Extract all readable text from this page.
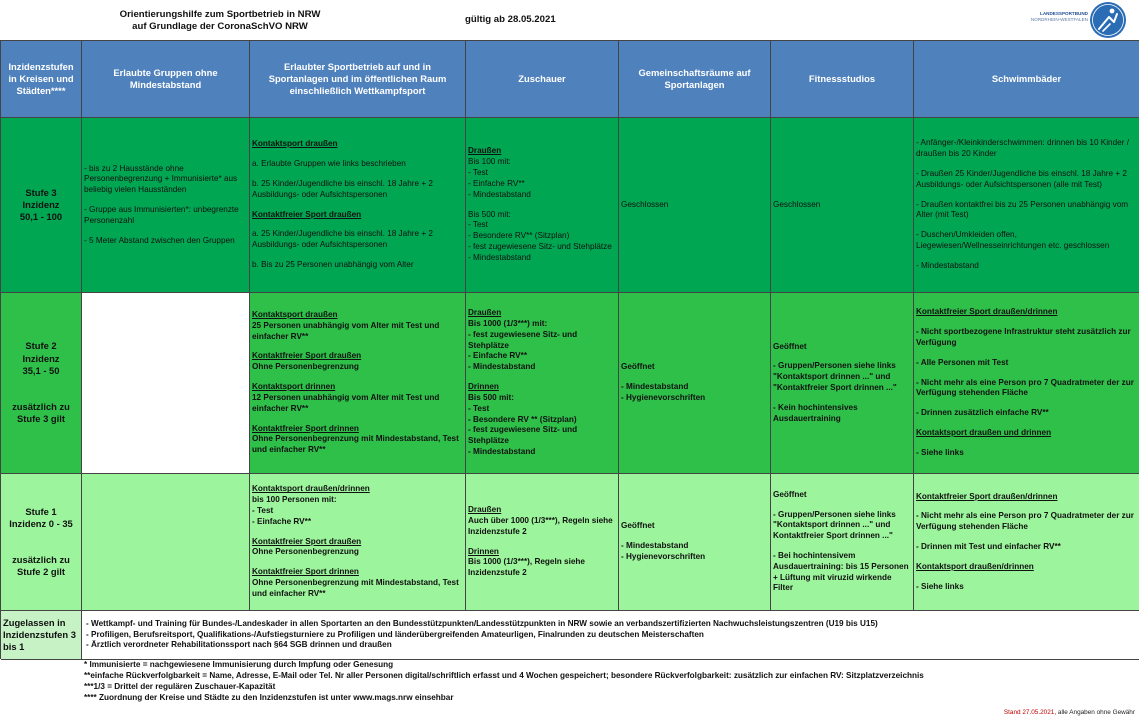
Orientierungshilfe zum Sportbetrieb in NRW
auf Grundlage der CoronaSchVO NRW
gültig ab 28.05.2021
LANDESSPORTBUND
NORDRHEIN-WESTFALEN
Inzidenzstufen in Kreisen und Städten****
Erlaubte Gruppen ohne Mindestabstand
Erlaubter Sportbetrieb auf und in Sportanlagen und im öffentlichen Raum einschließlich Wettkampfsport
Zuschauer
Gemeinschaftsräume auf Sportanlagen
Fitnessstudios	Schwimmbäder
Stufe 3
Inzidenz
50,1 - 100
- bis zu 2 Hausstände ohne Personenbegrenzung + Immunisierte* aus beliebig vielen Hausständen
- Gruppe aus Immunisierten*: unbegrenzte Personenzahl
- 5 Meter Abstand zwischen den Gruppen
Kontaktsport draußen
a. Erlaubte Gruppen wie links beschrieben
b. 25 Kinder/Jugendliche bis einschl. 18 Jahre + 2 Ausbildungs- oder Aufsichtspersonen
Kontaktfreier Sport draußen
a. 25 Kinder/Jugendliche bis einschl. 18 Jahre + 2 Ausbildungs- oder Aufsichtspersonen
b. Bis zu 25 Personen unabhängig vom Alter
Draußen
Bis 100 mit:
- Test
- Einfache RV**
- Mindestabstand
Bis 500 mit:
- Test
- Besondere RV** (Sitzplan)
- fest zugewiesene Sitz- und Stehplätze
- Mindestabstand
Geschlossen	Geschlossen
- Anfänger-/Kleinkinderschwimmen: drinnen bis 10 Kinder / draußen bis 20 Kinder
- Draußen 25 Kinder/Jugendliche bis einschl. 18 Jahre + 2 Ausbildungs- oder Aufsichtspersonen (alle mit Test)
- Draußen kontaktfrei bis zu 25 Personen unabhängig vom Alter (mit Test)
- Duschen/Umkleiden offen, Liegewiesen/Wellnesseinrichtungen etc. geschlossen
- Mindestabstand
Stufe 2
Inzidenz
35,1 - 50
zusätzlich zu
Stufe 3 gilt
Kontaktsport draußen
25 Personen unabhängig vom Alter mit Test und einfacher RV**
Kontaktfreier Sport draußen
Ohne Personenbegrenzung
Kontaktsport drinnen
12 Personen unabhängig vom Alter mit Test und einfacher RV**
Kontaktfreier Sport drinnen
Ohne Personenbegrenzung mit Mindestabstand, Test und einfacher RV**
Draußen
Bis 1000 (1/3***) mit:
- fest zugewiesene Sitz- und Stehplätze
- Einfache RV**
- Mindestabstand
Drinnen
Bis 500 mit:
- Test
- Besondere RV ** (Sitzplan)
- fest zugewiesene Sitz- und Stehplätze
- Mindestabstand
Geöffnet
- Mindestabstand
- Hygienevorschriften
Geöffnet
- Gruppen/Personen siehe links "Kontaktsport drinnen ..." und "Kontaktfreier Sport drinnen ..."
- Kein hochintensives Ausdauertraining
Kontaktfreier Sport draußen/drinnen
- Nicht sportbezogene Infrastruktur steht zusätzlich zur Verfügung
- Alle Personen mit Test
- Nicht mehr als eine Person pro 7 Quadratmeter der zur Verfügung stehenden Fläche
- Drinnen zusätzlich einfache RV**
Kontaktsport draußen und drinnen
- Siehe links
Stufe 1
Inzidenz 0 - 35
zusätzlich zu
Stufe 2 gilt
Kontaktsport draußen/drinnen
bis 100 Personen mit:
- Test
- Einfache RV**
Kontaktfreier Sport draußen
Ohne Personenbegrenzung
Kontaktfreier Sport drinnen
Ohne Personenbegrenzung mit Mindestabstand, Test und einfacher RV**
Draußen
Auch über 1000 (1/3***), Regeln siehe Inzidenzstufe 2
Drinnen
Bis 1000 (1/3***), Regeln siehe Inzidenzstufe 2
Geöffnet
- Mindestabstand
- Hygienevorschriften
Geöffnet
- Gruppen/Personen siehe links "Kontaktsport drinnen ..." und Kontaktfreier Sport drinnen ..."
- Bei hochintensivem Ausdauertraining: bis 15 Personen + Lüftung mit viruzid wirkende Filter
Kontaktfreier Sport draußen/drinnen
- Nicht mehr als eine Person pro 7 Quadratmeter der zur Verfügung stehenden Fläche
- Drinnen mit Test und einfacher RV**
Kontaktsport draußen/drinnen
- Siehe links
Zugelassen in Inzidenzstufen 3 bis 1
- Wettkampf- und Training für Bundes-/Landeskader in allen Sportarten an den Bundesstützpunkten/Landesstützpunkten in NRW sowie an verbandszertifizierten Nachwuchsleistungszentren (U19 bis U15)
- Profiligen, Berufsreitsport, Qualifikations-/Aufstiegsturniere zu Profiligen und länderübergreifenden Amateurligen, Finalrunden zu deutschen Meisterschaften
- Ärztlich verordneter Rehabilitationssport nach §64 SGB drinnen und draußen
* Immunisierte = nachgewiesene Immunisierung durch Impfung oder Genesung
**einfache Rückverfolgbarkeit = Name, Adresse, E-Mail oder Tel. Nr aller Personen digital/schriftlich erfasst und 4 Wochen gespeichert; besondere Rückverfolgbarkeit: zusätzlich zur einfachen RV: Sitzplatzverzeichnis
***1/3 = Drittel der regulären Zuschauer-Kapazität
**** Zuordnung der Kreise und Städte zu den Inzidenzstufen ist unter www.mags.nrw einsehbar
Stand 27.05.2021, alle Angaben ohne Gewähr
